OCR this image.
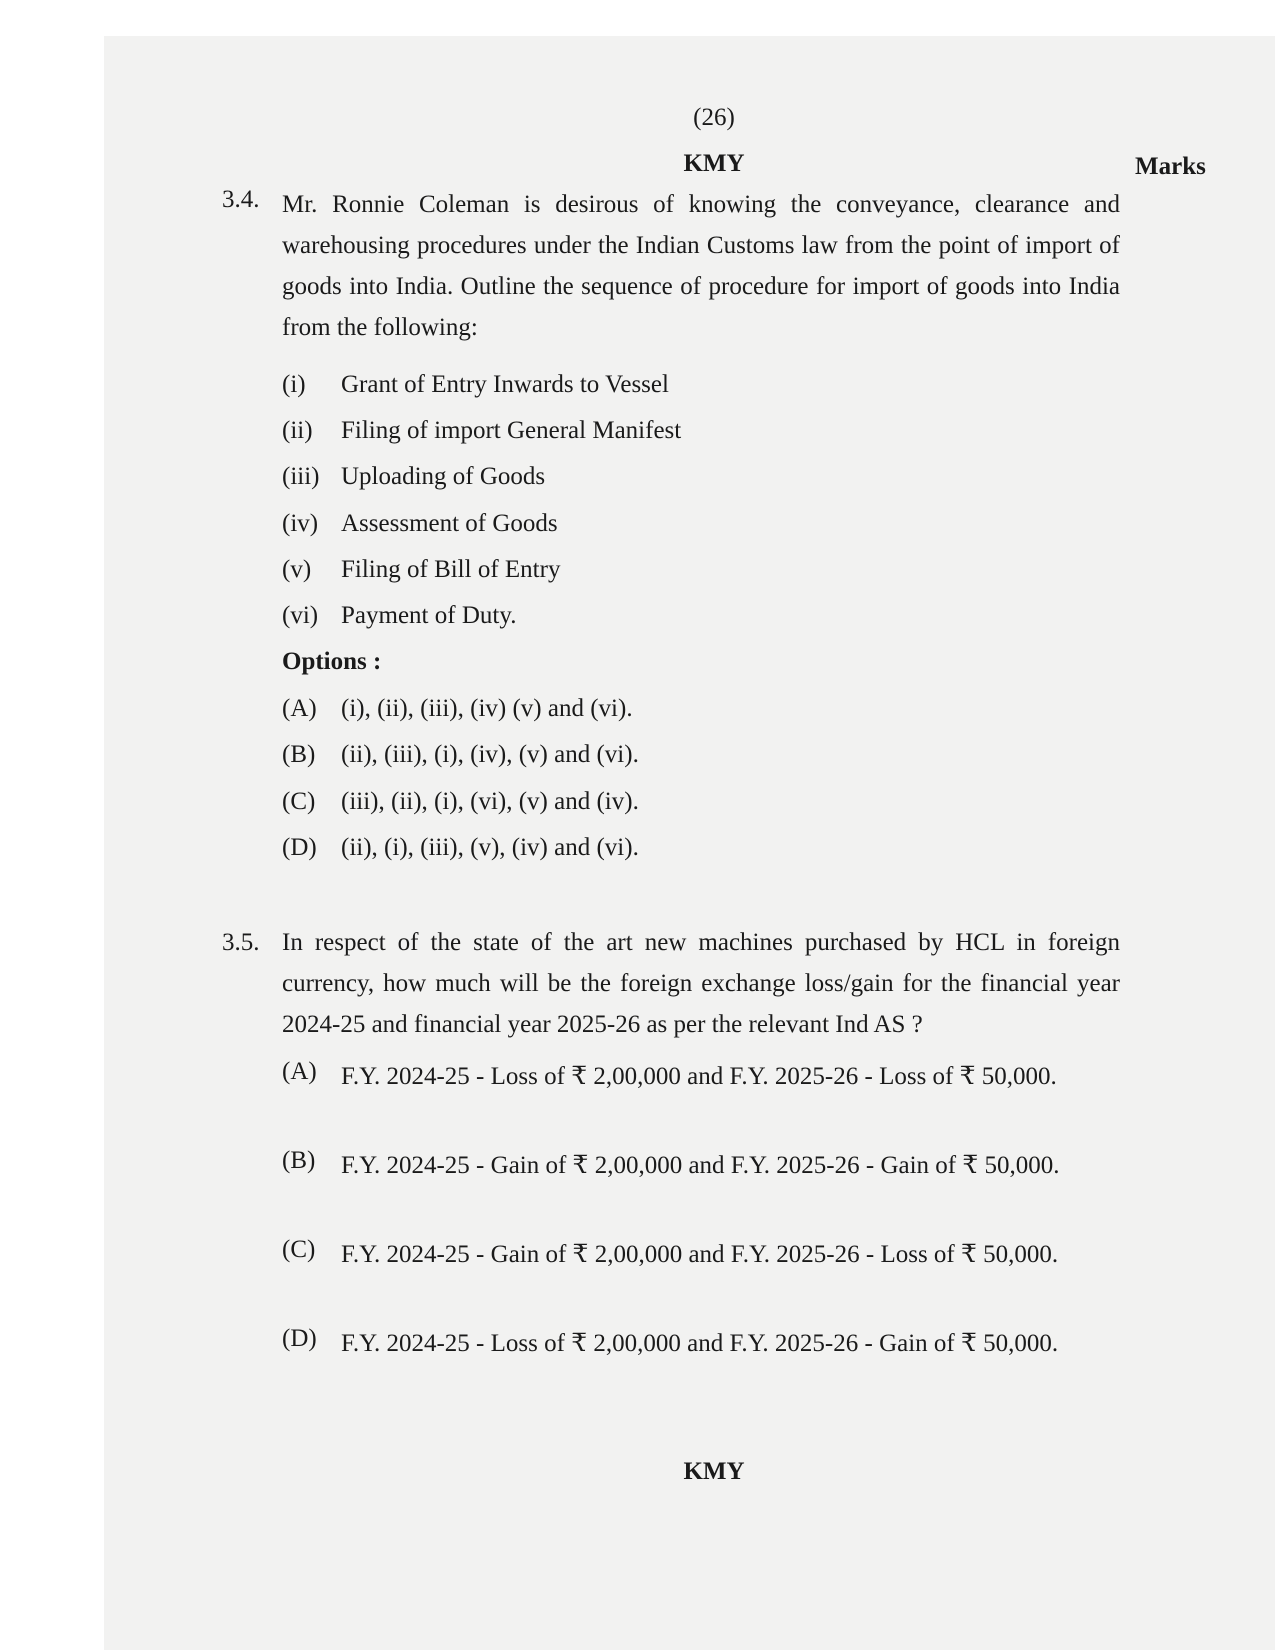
(26)
KMY	Marks
3.4. Mr. Ronnie Coleman is desirous of knowing the conveyance, clearance and warehousing procedures under the Indian Customs law from the point of import of goods into India. Outline the sequence of procedure for import of goods into India from the following:
(i) Grant of Entry Inwards to Vessel
(ii) Filing of import General Manifest
(iii) Uploading of Goods
(iv) Assessment of Goods
(v) Filing of Bill of Entry
(vi) Payment of Duty.
Options :
(A) (i), (ii), (iii), (iv) (v) and (vi).
(B) (ii), (iii), (i), (iv), (v) and (vi).
(C) (iii), (ii), (i), (vi), (v) and (iv).
(D) (ii), (i), (iii), (v), (iv) and (vi).
3.5. In respect of the state of the art new machines purchased by HCL in foreign currency, how much will be the foreign exchange loss/gain for the financial year 2024-25 and financial year 2025-26 as per the relevant Ind AS ?
(A) F.Y. 2024-25 - Loss of ₹ 2,00,000 and F.Y. 2025-26 - Loss of ₹ 50,000.
(B) F.Y. 2024-25 - Gain of ₹ 2,00,000 and F.Y. 2025-26 - Gain of ₹ 50,000.
(C) F.Y. 2024-25 - Gain of ₹ 2,00,000 and F.Y. 2025-26 - Loss of ₹ 50,000.
(D) F.Y. 2024-25 - Loss of ₹ 2,00,000 and F.Y. 2025-26 - Gain of ₹ 50,000.
KMY
